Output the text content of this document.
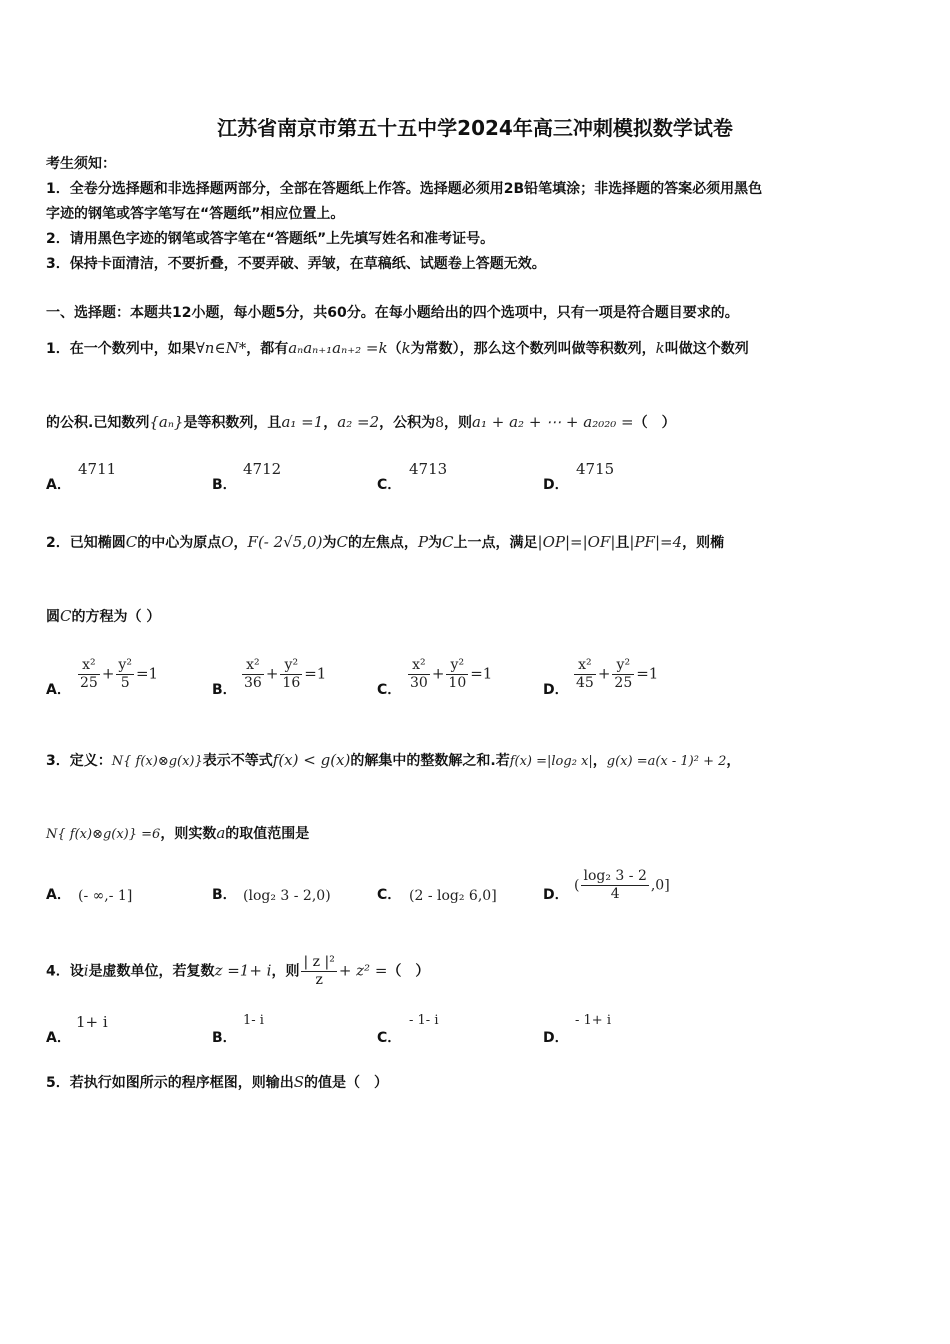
江苏省南京市第五十五中学2024年高三冲刺模拟数学试卷
考生须知：
1．全卷分选择题和非选择题两部分，全部在答题纸上作答。选择题必须用2B铅笔填涂；非选择题的答案必须用黑色
字迹的钢笔或答字笔写在“答题纸”相应位置上。
2．请用黑色字迹的钢笔或答字笔在“答题纸”上先填写姓名和准考证号。
3．保持卡面清洁，不要折叠，不要弄破、弄皱，在草稿纸、试题卷上答题无效。
一、选择题：本题共12小题，每小题5分，共60分。在每小题给出的四个选项中，只有一项是符合题目要求的。
1．在一个数列中，如果∀n∈N*，都有aₙaₙ₊₁aₙ₊₂ =k（k为常数），那么这个数列叫做等积数列，k叫做这个数列
的公积.已知数列{aₙ}是等积数列，且a₁ =1，a₂ =2，公积为8，则a₁ + a₂ + ⋯ + a₂₀₂₀ =（　）
A．
4711
B．
4712
C．
4713
D．
4715
2．已知椭圆C的中心为原点O，F(- 2√5,0)为C的左焦点，P为C上一点，满足|OP|=|OF|且|PF|=4，则椭
圆C的方程为（ ）
A． $\frac{\text{x²}}{25} + \frac{\text{y²}}{5} =1$
B． $\frac{\text{x²}}{36} + \frac{\text{y²}}{16} =1$
C． $\frac{\text{x²}}{30} + \frac{\text{y²}}{10} =1$
D． $\frac{\text{x²}}{45} + \frac{\text{y²}}{25} =1$
3．定义：N{ f(x)⊗g(x)}表示不等式f(x) < g(x)的解集中的整数解之和.若f(x) =|log₂ x|，g(x) =a(x - 1)² + 2，
N{ f(x)⊗g(x)} =6，则实数a的取值范围是
A． (- ∞,- 1]	B． (log₂ 3 - 2,0)	C． (2 - log₂ 6,0]	D．
( $\frac{\text{log₂ 3 - 2}}{4} ,0$]
4．设i是虚数单位，若复数z =1+ i，则 $\frac{\text{| z |²}}{z} + z^2$ =（　）
A．
1+ i
B．
1- i
C．
- 1- i
D．
- 1+ i
5．若执行如图所示的程序框图，则输出S的值是（　）
